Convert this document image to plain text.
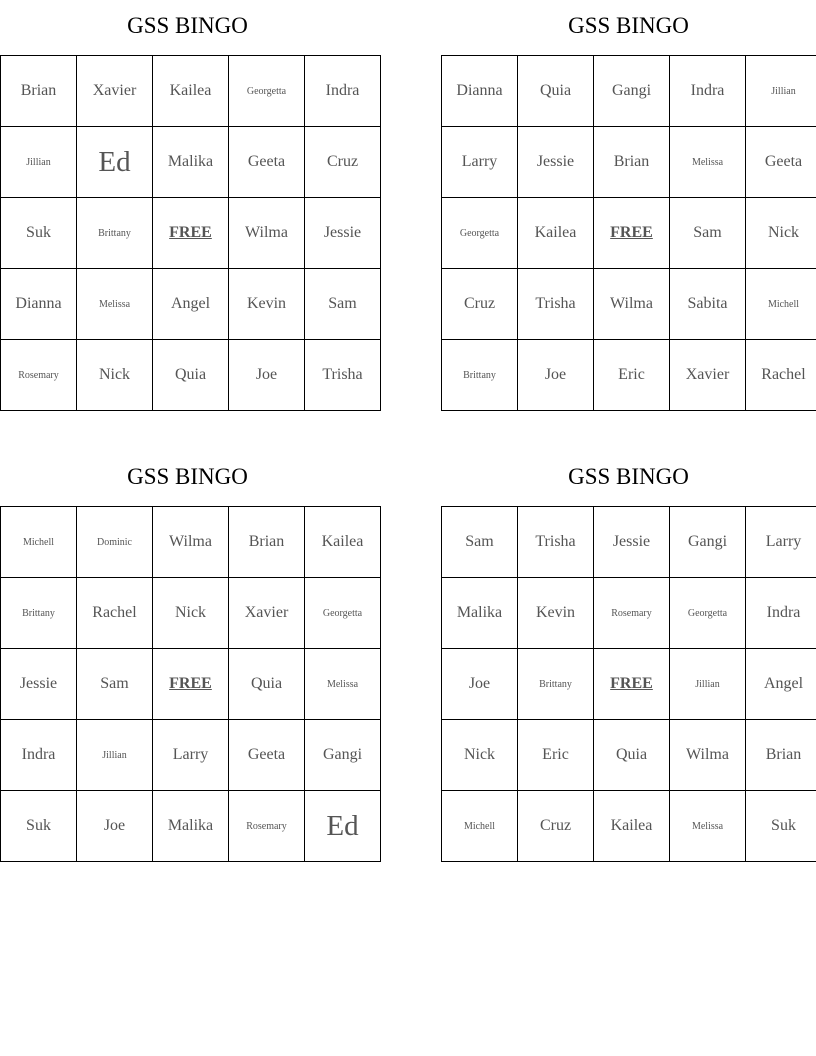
GSS BINGO
Brian	Xavier	Kailea	Georgetta	Indra
Jillian	Ed	Malika	Geeta	Cruz
Suk	Brittany	FREE	Wilma	Jessie
Dianna	Melissa	Angel	Kevin	Sam
Rosemary	Nick	Quia	Joe	Trisha
GSS BINGO
Dianna	Quia	Gangi	Indra	Jillian
Larry	Jessie	Brian	Melissa	Geeta
Georgetta	Kailea	FREE	Sam	Nick
Cruz	Trisha	Wilma	Sabita	Michell
Brittany	Joe	Eric	Xavier	Rachel
GSS BINGO
Michell	Dominic	Wilma	Brian	Kailea
Brittany	Rachel	Nick	Xavier	Georgetta
Jessie	Sam	FREE	Quia	Melissa
Indra	Jillian	Larry	Geeta	Gangi
Suk	Joe	Malika	Rosemary	Ed
GSS BINGO
Sam	Trisha	Jessie	Gangi	Larry
Malika	Kevin	Rosemary	Georgetta	Indra
Joe	Brittany	FREE	Jillian	Angel
Nick	Eric	Quia	Wilma	Brian
Michell	Cruz	Kailea	Melissa	Suk
